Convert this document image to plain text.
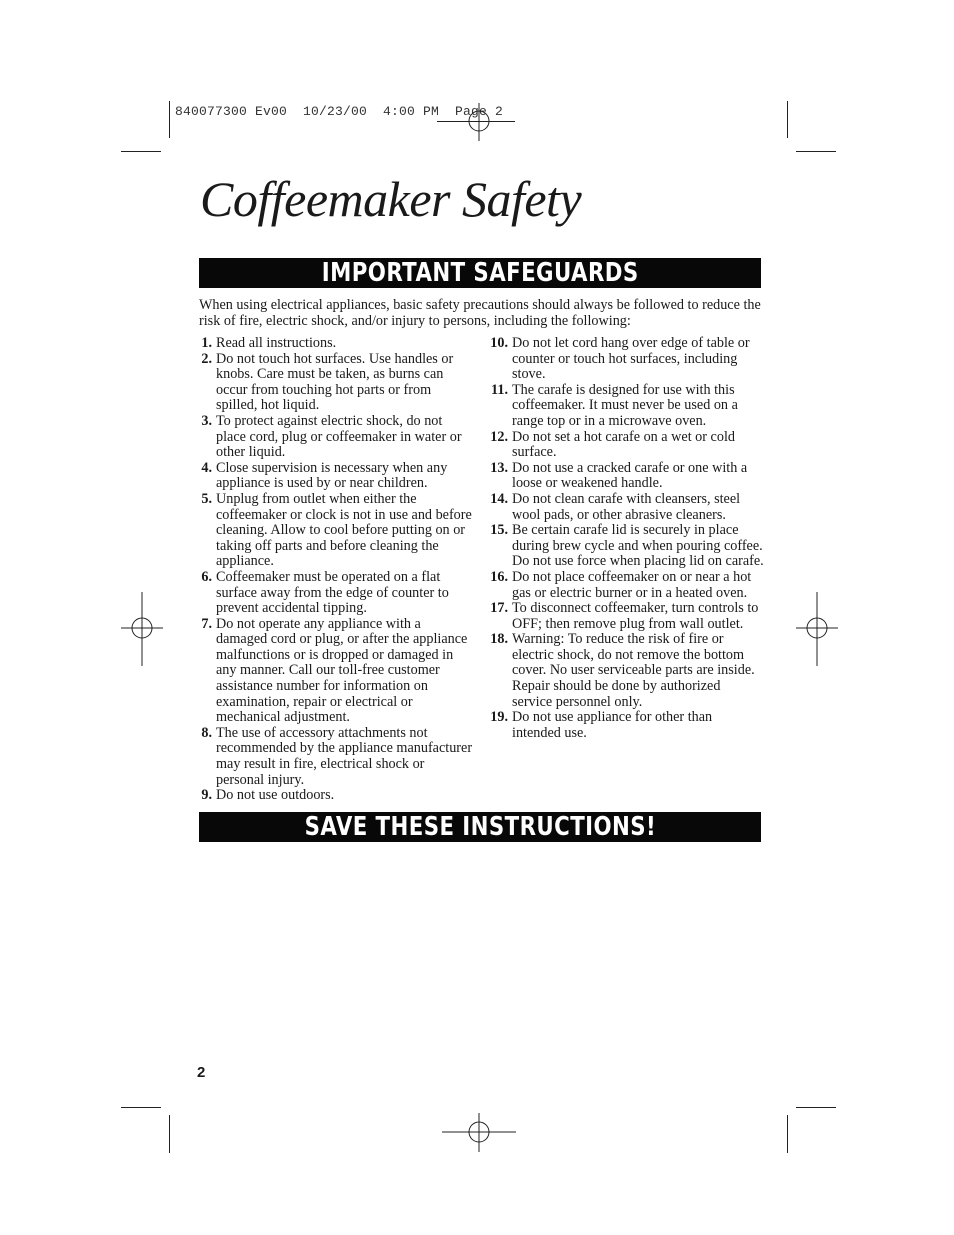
840077300 Ev00  10/23/00  4:00 PM  Page 2
Coffeemaker Safety
IMPORTANT SAFEGUARDS
When using electrical appliances, basic safety precautions should always be followed to reduce the risk of fire, electric shock, and/or injury to persons, including the following:
1. Read all instructions.
2. Do not touch hot surfaces. Use handles or knobs. Care must be taken, as burns can occur from touching hot parts or from spilled, hot liquid.
3. To protect against electric shock, do not place cord, plug or coffeemaker in water or other liquid.
4. Close supervision is necessary when any appliance is used by or near children.
5. Unplug from outlet when either the coffeemaker or clock is not in use and before cleaning. Allow to cool before putting on or taking off parts and before cleaning the appliance.
6. Coffeemaker must be operated on a flat surface away from the edge of counter to prevent accidental tipping.
7. Do not operate any appliance with a damaged cord or plug, or after the appliance malfunctions or is dropped or damaged in any manner. Call our toll-free customer assistance number for information on examination, repair or electrical or mechanical adjustment.
8. The use of accessory attachments not recommended by the appliance manufacturer may result in fire, electrical shock or personal injury.
9. Do not use outdoors.
10. Do not let cord hang over edge of table or counter or touch hot surfaces, including stove.
11. The carafe is designed for use with this coffeemaker. It must never be used on a range top or in a microwave oven.
12. Do not set a hot carafe on a wet or cold surface.
13. Do not use a cracked carafe or one with a loose or weakened handle.
14. Do not clean carafe with cleansers, steel wool pads, or other abrasive cleaners.
15. Be certain carafe lid is securely in place during brew cycle and when pouring coffee. Do not use force when placing lid on carafe.
16. Do not place coffeemaker on or near a hot gas or electric burner or in a heated oven.
17. To disconnect coffeemaker, turn controls to OFF; then remove plug from wall outlet.
18. Warning: To reduce the risk of fire or electric shock, do not remove the bottom cover. No user serviceable parts are inside. Repair should be done by authorized service personnel only.
19. Do not use appliance for other than intended use.
SAVE THESE INSTRUCTIONS!
2
